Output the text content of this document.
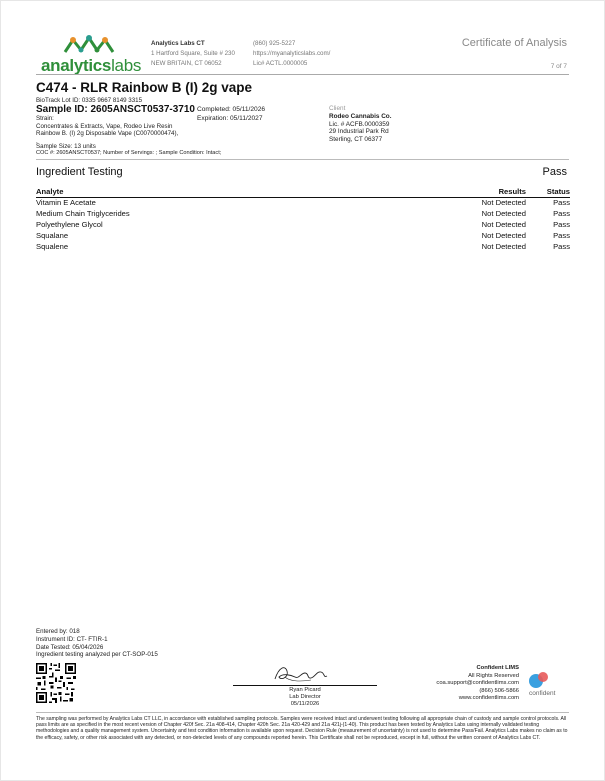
analyticslabs
Analytics Labs CT
1 Hartford Square, Suite # 230
NEW BRITAIN, CT 06052
(860) 925-5227
https://myanalyticslabs.com/
Lic# ACTL.0000005
Certificate of Analysis
7 of 7
C474 - RLR Rainbow B (I) 2g vape
BioTrack Lot ID: 0335 9667 8149 3315
Sample ID: 2605ANSCT0537-3710 Completed: 05/11/2026
Expiration: 05/11/2027
Strain:
Concentrates & Extracts, Vape, Rodeo Live Resin
Rainbow B. (I) 2g Disposable Vape (C0070000474),
,
Client
Rodeo Cannabis Co.
Lic. # ACFB.0000359
29 Industrial Park Rd
Sterling, CT 06377
Sample Size: 13 units
COC #: 2605ANSCT0537; Number of Servings: ; Sample Condition: Intact;
Ingredient Testing	Pass
Analyte	Results	Status
Vitamin E Acetate	Not Detected	Pass
Medium Chain Triglycerides	Not Detected	Pass
Polyethylene Glycol	Not Detected	Pass
Squalane	Not Detected	Pass
Squalene	Not Detected	Pass
Entered by: 018
Instrument ID: CT- FTIR-1
Date Tested: 05/04/2026
Ingredient testing analyzed per CT-SOP-015
Ryan Picard
Lab Director
05/11/2026
Confident LIMS
All Rights Reserved
coa.support@confidentlims.com
(866) 506-5866
www.confidentlims.com
confident
The sampling was performed by Analytics Labs CT LLC, in accordance with established sampling protocols. Samples were received intact and underwent testing following all appropriate chain of custody and sample control protocols. All pass limits are as specified in the most recent version of Chapter 420f Sec. 21a 408-414, Chapter 420h Sec. 21a 420-429 and 21a 421j-(1-40). This product has been tested by Analytics Labs using internally validated testing methodologies and a quality management system. Uncertainty and test condition information is available upon request. Decision Rule (measurement of uncertainty) is not used to determine Pass/Fail. Analytics Labs makes no claim as to the efficacy, safety, or other risk associated with any detected, or non-detected levels of any compounds reported herein. This Certificate shall not be reproduced, except in full, without the written consent of Analytics Labs CT.
